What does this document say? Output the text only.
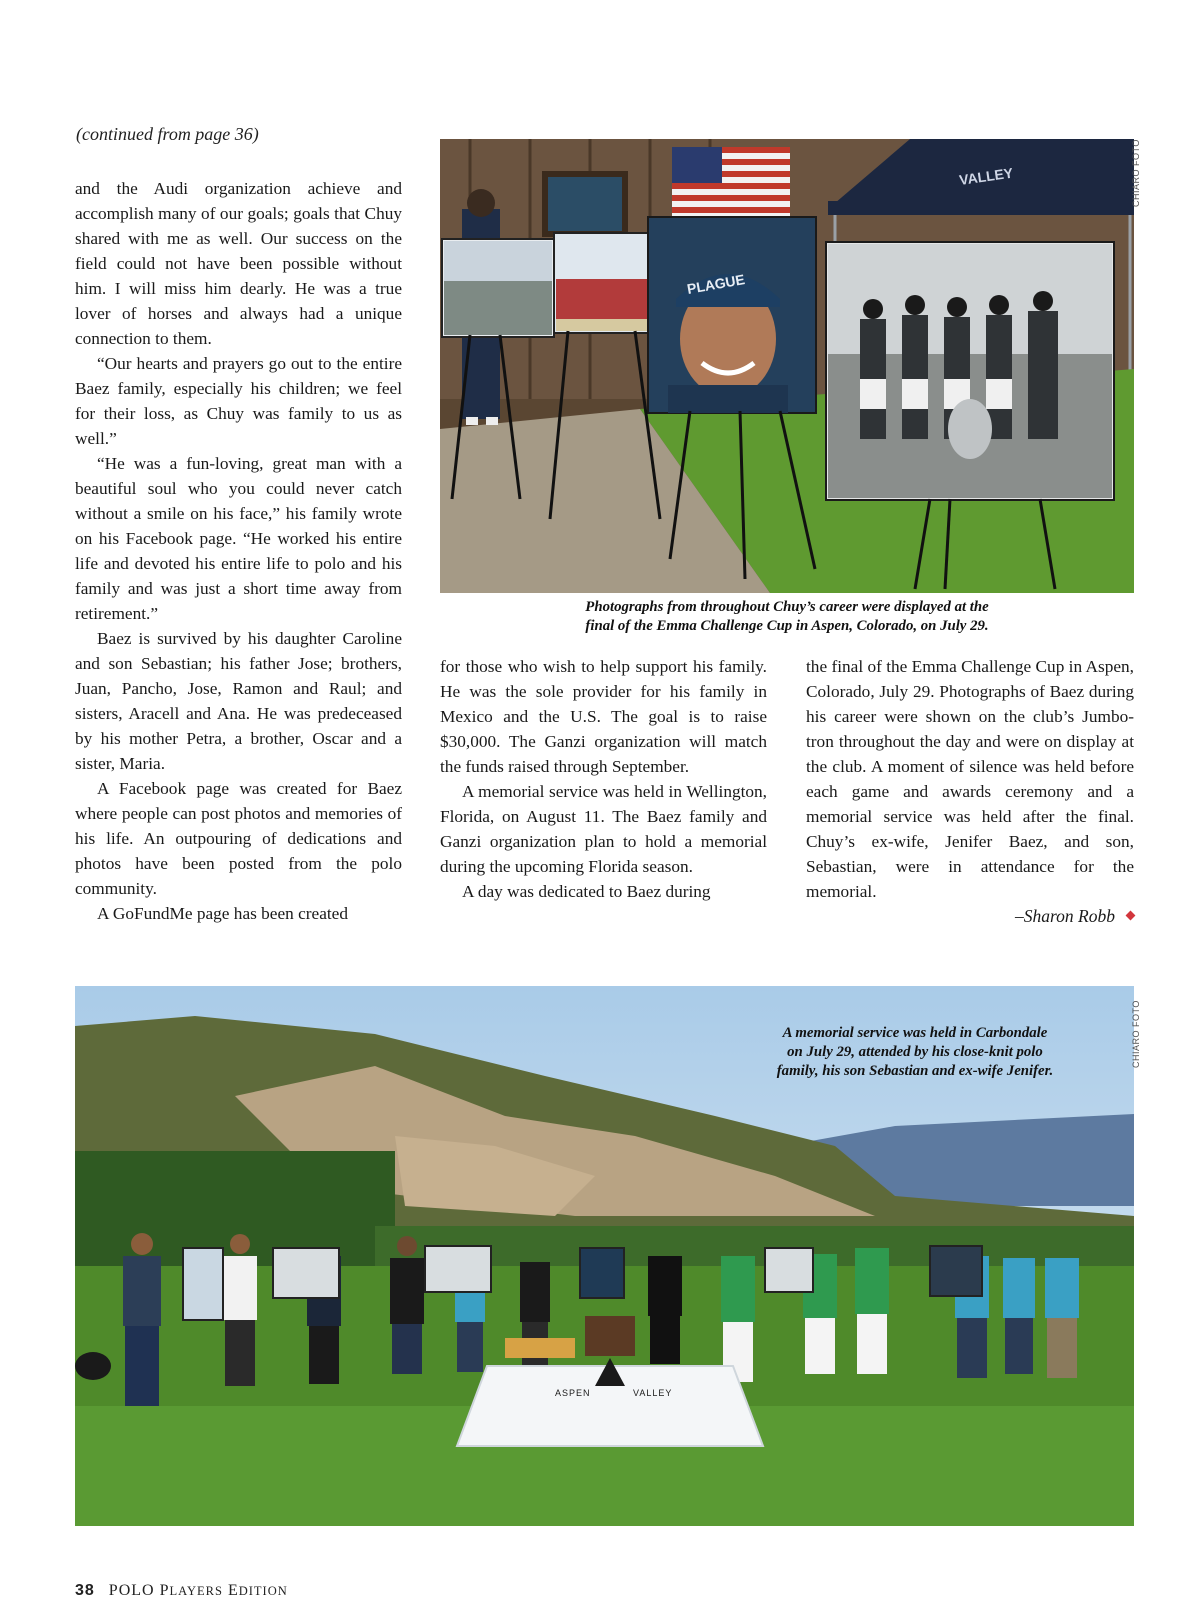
(continued from page 36)

and the Audi organization achieve and accomplish many of our goals; goals that Chuy shared with me as well. Our success on the field could not have been possible without him. I will miss him dearly. He was a true lover of horses and always had a unique connection to them.

“Our hearts and prayers go out to the entire Baez family, especially his children; we feel for their loss, as Chuy was family to us as well.”

“He was a fun-loving, great man with a beautiful soul who you could never catch without a smile on his face,” his family wrote on his Facebook page. “He worked his entire life and devoted his entire life to polo and his family and was just a short time away from retirement.”

Baez is survived by his daughter Caroline and son Sebastian; his father Jose; brothers, Juan, Pancho, Jose, Ramon and Raul; and sisters, Aracell and Ana. He was predeceased by his mother Petra, a brother, Oscar and a sister, Maria.

A Facebook page was created for Baez where people can post photos and memories of his life. An outpouring of dedications and photos have been posted from the polo community.

A GoFundMe page has been created

for those who wish to help support his family. He was the sole provider for his family in Mexico and the U.S. The goal is to raise $30,000. The Ganzi organization will match the funds raised through September.

A memorial service was held in Wellington, Florida, on August 11. The Baez family and Ganzi organization plan to hold a memorial during the upcoming Florida season.

A day was dedicated to Baez during

the final of the Emma Challenge Cup in Aspen, Colorado, July 29. Photographs of Baez during his career were shown on the club’s Jumbo-tron throughout the day and were on display at the club. A moment of silence was held before each game and awards ceremony and a memorial service was held after the final. Chuy’s ex-wife, Jenifer Baez, and son, Sebastian, were in attendance for the memorial.

–Sharon Robb
VALLEY
PLAGUE
CHIARO FOTO
Photographs from throughout Chuy’s career were displayed at the
final of the Emma Challenge Cup in Aspen, Colorado, on July 29.
ASPEN	VALLEY
A memorial service was held in Carbondale
on July 29, attended by his close-knit polo
family, his son Sebastian and ex-wife Jenifer.
CHIARO FOTO
38 POLO PLAYERS EDITION
